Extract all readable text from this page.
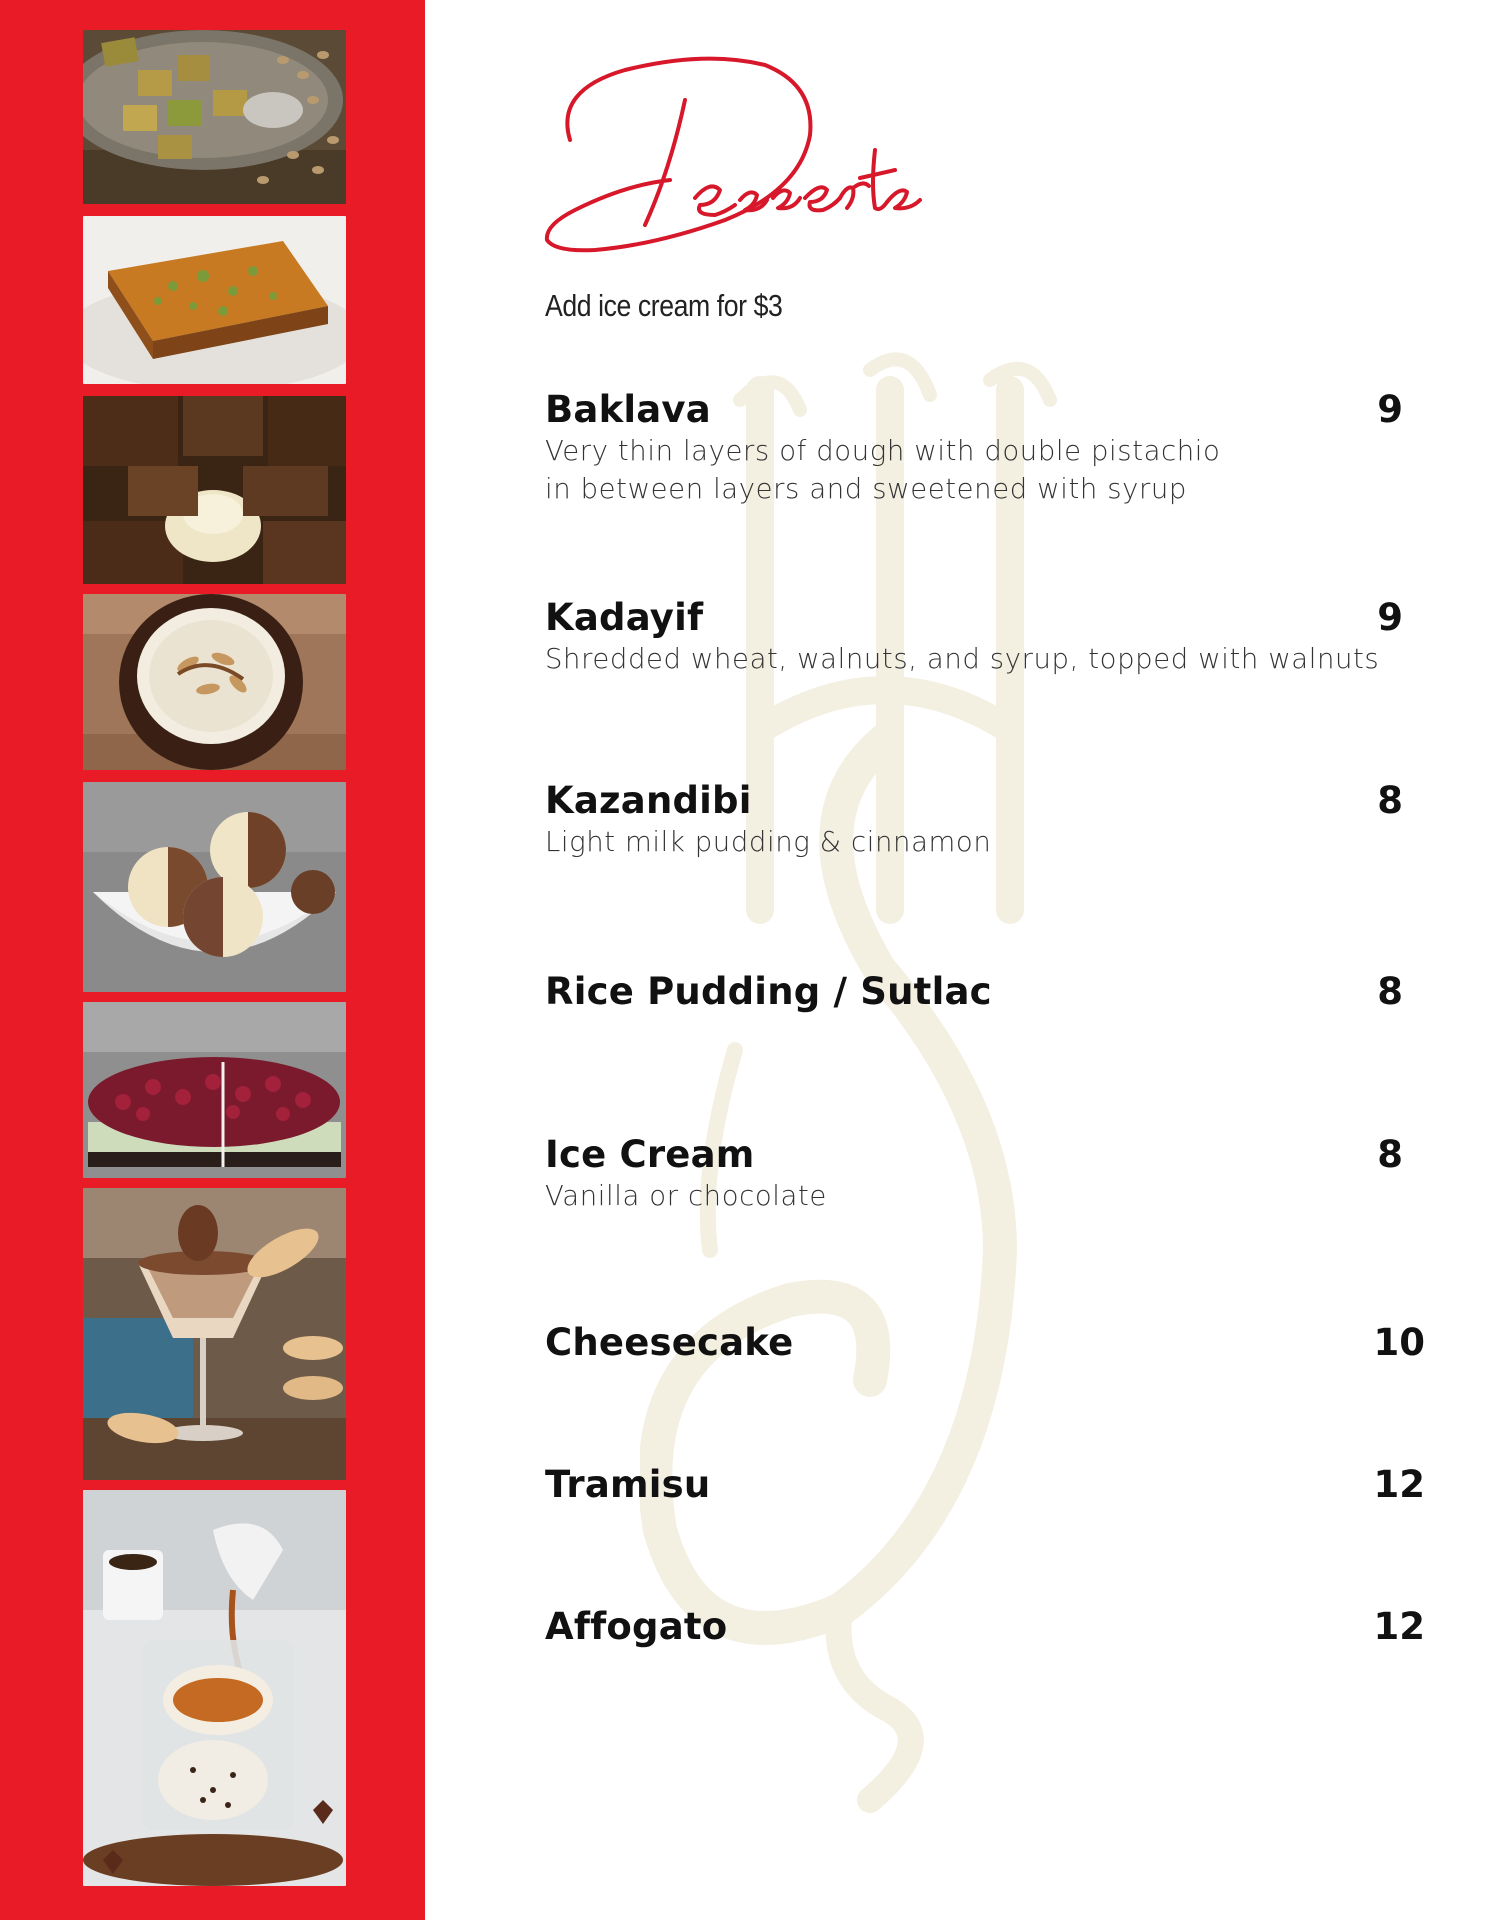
Add ice cream for $3
Baklava
Very thin layers of dough with double pistachio
in between layers and sweetened with syrup
9
Kadayif
Shredded wheat, walnuts, and syrup, topped with walnuts
9
Kazandibi
Light milk pudding & cinnamon
8
Rice Pudding / Sutlac	8
Ice Cream
Vanilla or chocolate
8
Cheesecake	10
Tramisu	12
Affogato	12
